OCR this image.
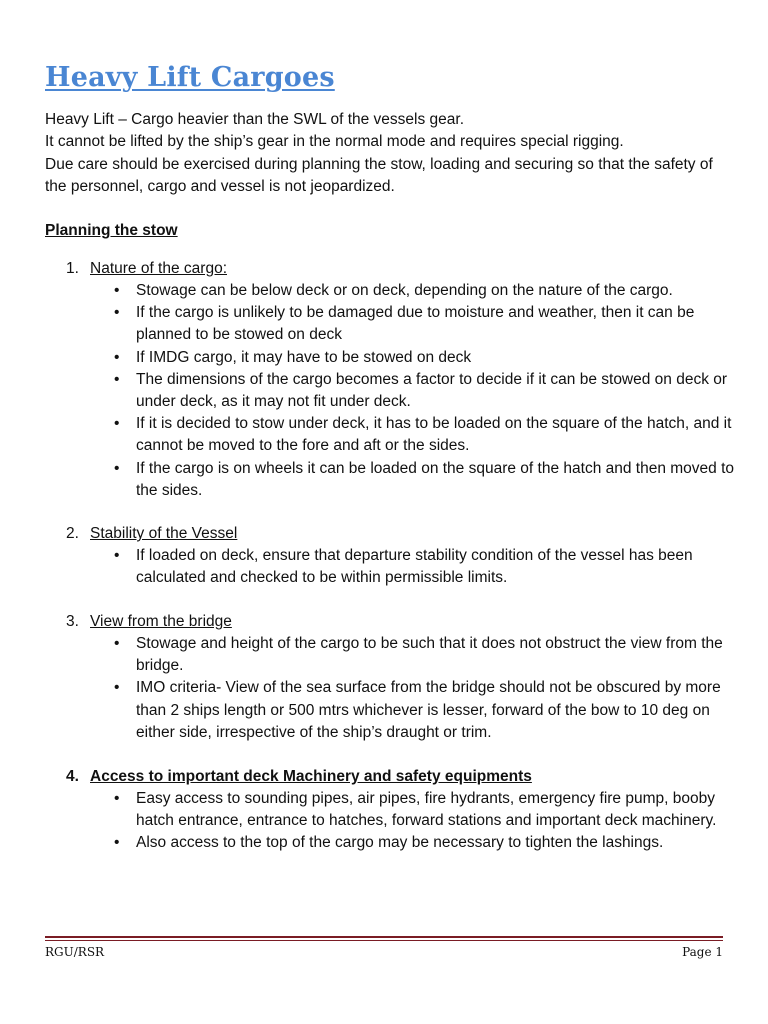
Heavy Lift Cargoes

Heavy Lift – Cargo heavier than the SWL of the vessels gear.

It cannot be lifted by the ship’s gear in the normal mode and requires special rigging.

Due care should be exercised during planning the stow, loading and securing so that the safety of the personnel, cargo and vessel is not jeopardized.

Planning the stow
1. Nature of the cargo:
• Stowage can be below deck or on deck, depending on the nature of the cargo.
• If the cargo is unlikely to be damaged due to moisture and weather, then it can be planned to be stowed on deck
• If IMDG cargo, it may have to be stowed on deck
• The dimensions of the cargo becomes a factor to decide if it can be stowed on deck or under deck, as it may not fit under deck.
• If it is decided to stow under deck, it has to be loaded on the square of the hatch, and it cannot be moved to the fore and aft or the sides.
• If the cargo is on wheels it can be loaded on the square of the hatch and then moved to the sides.
2. Stability of the Vessel
• If loaded on deck, ensure that departure stability condition of the vessel has been calculated and checked to be within permissible limits.
3. View from the bridge
• Stowage and height of the cargo to be such that it does not obstruct the view from the bridge.
• IMO criteria- View of the sea surface from the bridge should not be obscured by more than 2 ships length or 500 mtrs whichever is lesser, forward of the bow to 10 deg on either side, irrespective of the ship’s draught or trim.
4. Access to important deck Machinery and safety equipments
• Easy access to sounding pipes, air pipes, fire hydrants, emergency fire pump, booby hatch entrance, entrance to hatches, forward stations and important deck machinery.
• Also access to the top of the cargo may be necessary to tighten the lashings.
RGU/RSR	Page 1
